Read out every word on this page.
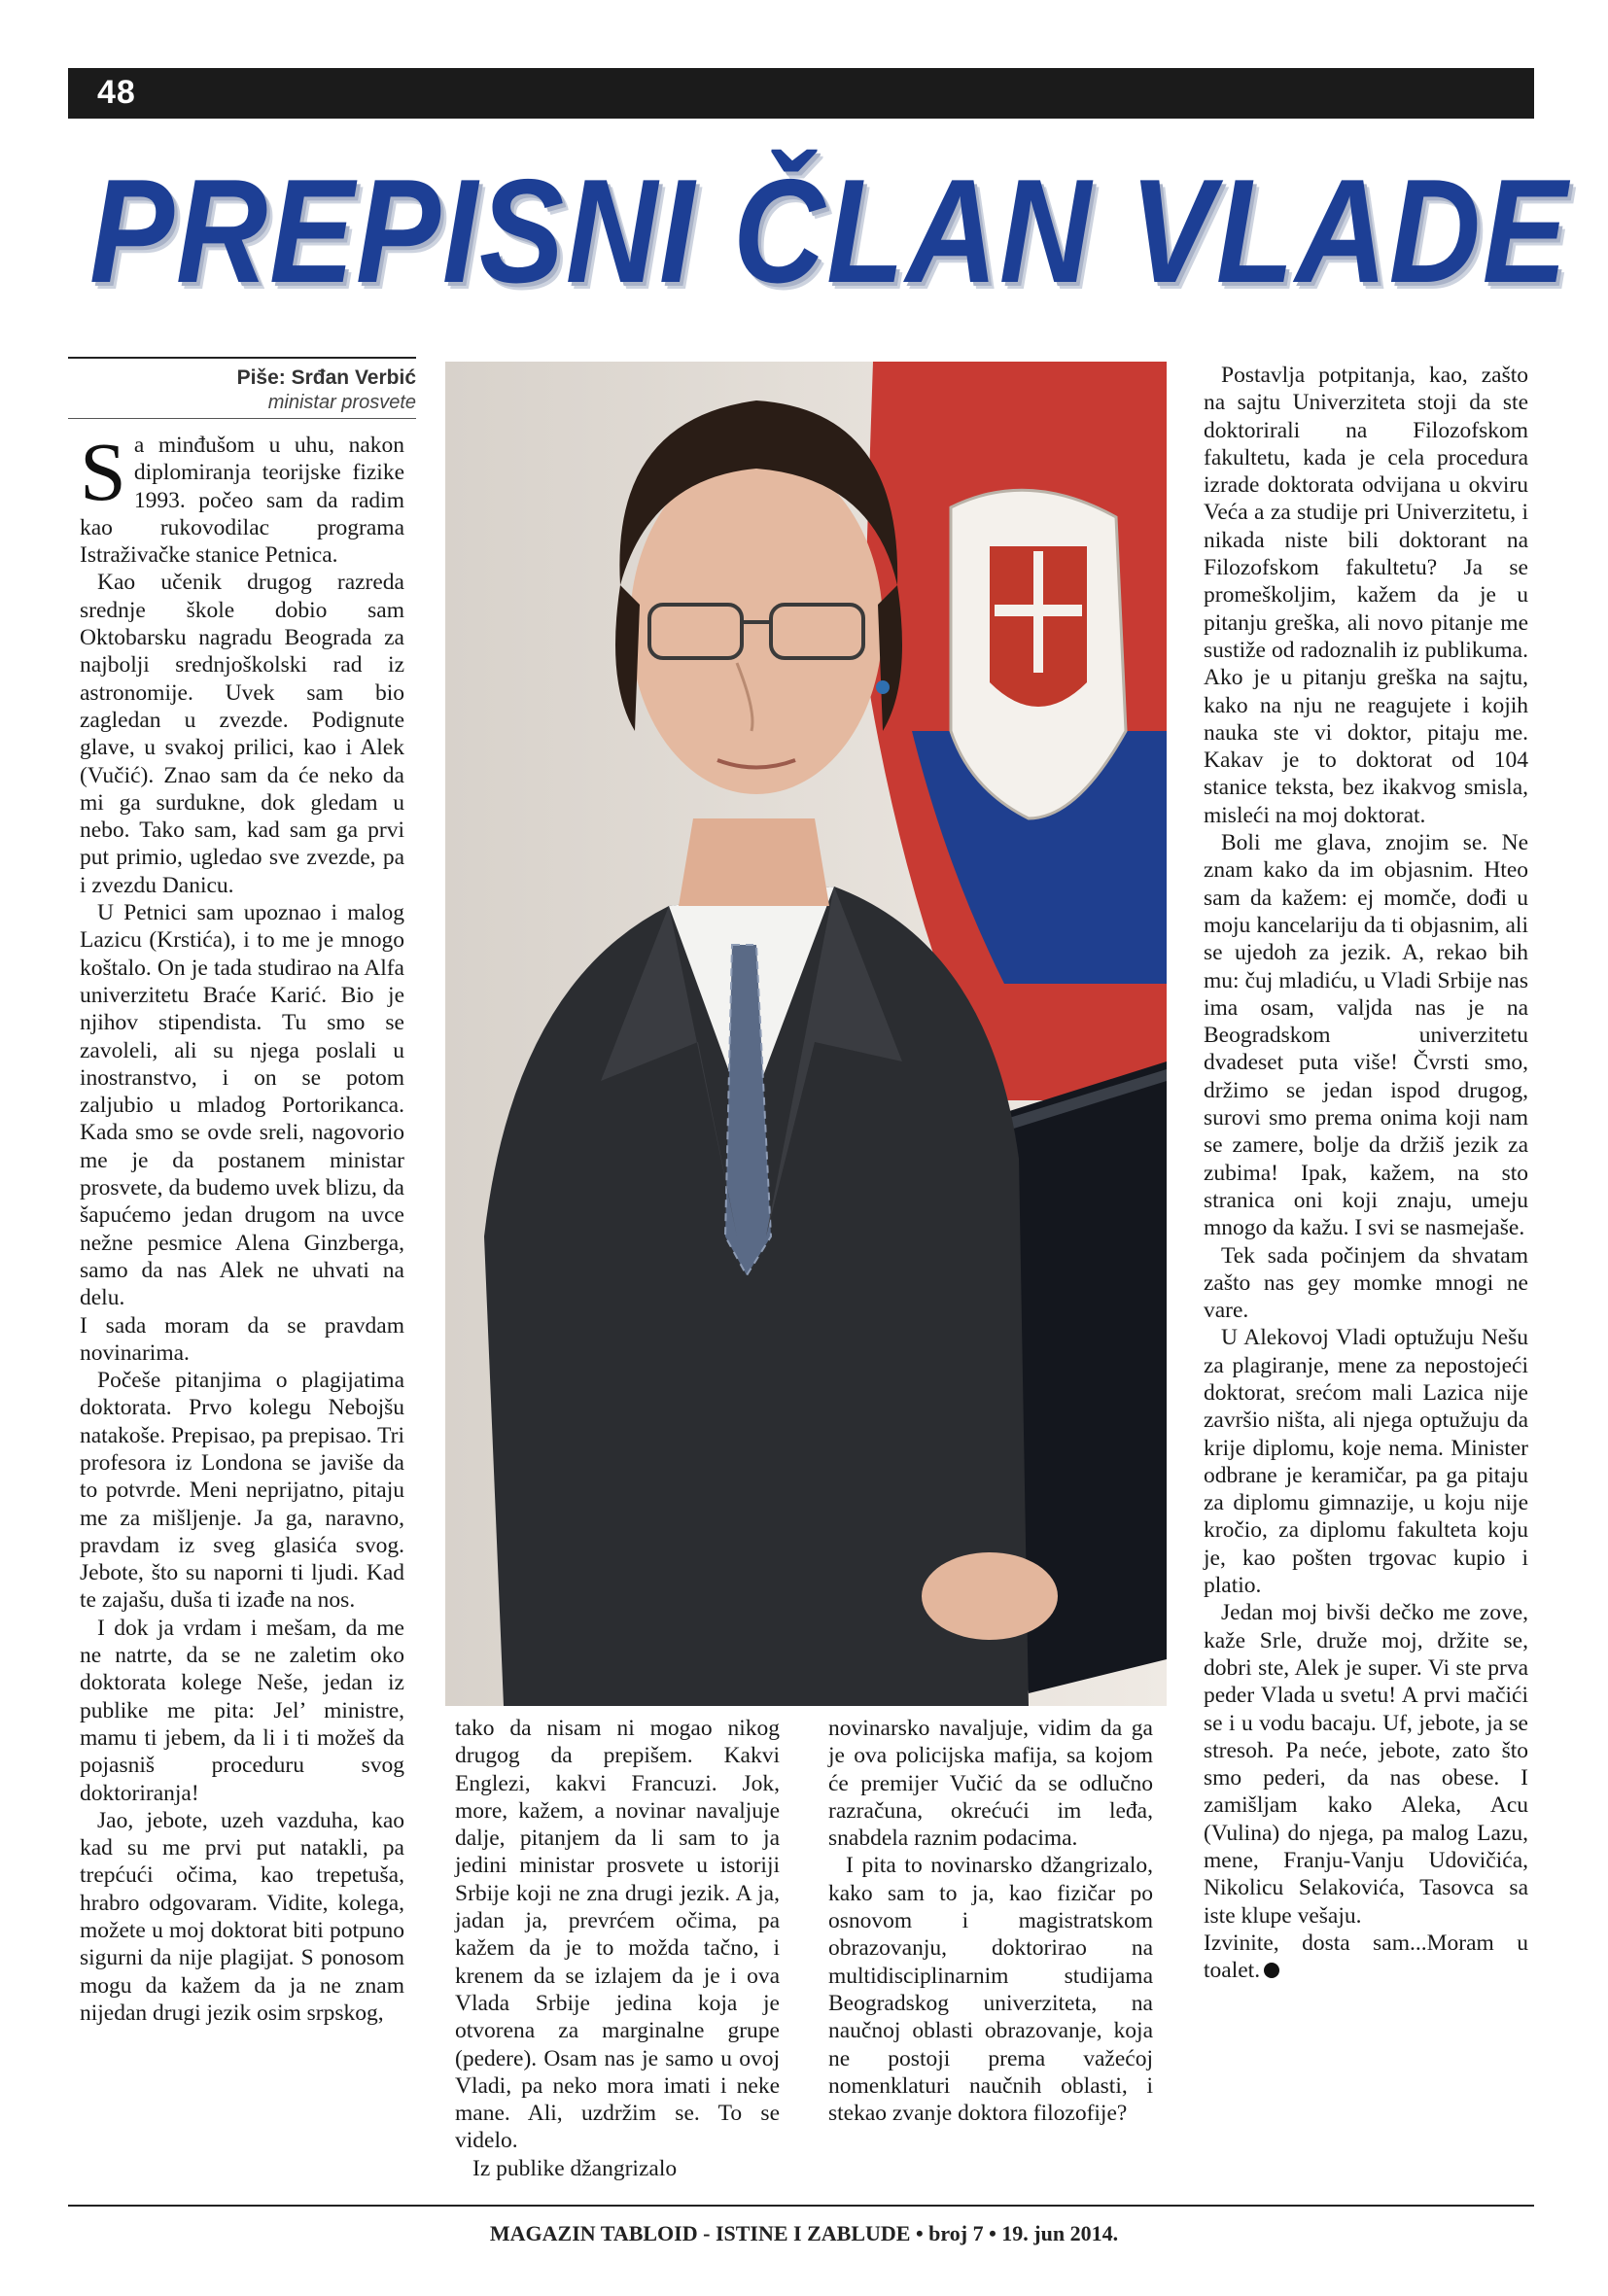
48
PREPISNI ČLAN VLADE
Piše: Srđan Verbić
ministar prosvete

Sa minđušom u uhu, nakon diplomiranja teorijske fizike 1993. počeo sam da radim kao rukovodilac programa Istraživačke stanice Petnica.

Kao učenik drugog razreda srednje škole dobio sam Oktobarsku nagradu Beograda za najbolji srednjoškolski rad iz astronomije. Uvek sam bio zagledan u zvezde. Podignute glave, u svakoj prilici, kao i Alek (Vučić). Znao sam da će neko da mi ga surdukne, dok gledam u nebo. Tako sam, kad sam ga prvi put primio, ugledao sve zvezde, pa i zvezdu Danicu.

U Petnici sam upoznao i malog Lazicu (Krstića), i to me je mnogo koštalo. On je tada studirao na Alfa univerzitetu Braće Karić. Bio je njihov stipendista. Tu smo se zavoleli, ali su njega poslali u inostranstvo, i on se potom zaljubio u mladog Portorikanca. Kada smo se ovde sreli, nagovorio me je da postanem ministar prosvete, da budemo uvek blizu, da šapućemo jedan drugom na uvce nežne pesmice Alena Ginzberga, samo da nas Alek ne uhvati na delu.

I sada moram da se pravdam novinarima.

Počeše pitanjima o plagijatima doktorata. Prvo kolegu Nebojšu natakoše. Prepisao, pa prepisao. Tri profesora iz Londona se javiše da to potvrde. Meni neprijatno, pitaju me za mišljenje. Ja ga, naravno, pravdam iz sveg glasića svog. Jebote, što su naporni ti ljudi. Kad te zajašu, duša ti izađe na nos.

I dok ja vrdam i mešam, da me ne natrte, da se ne zaletim oko doktorata kolege Neše, jedan iz publike me pita: Jel’ ministre, mamu ti jebem, da li i ti možeš da pojasniš proceduru svog doktoriranja!

Jao, jebote, uzeh vazduha, kao kad su me prvi put natakli, pa trepćući očima, kao trepetuša, hrabro odgovaram. Vidite, kolega, možete u moj doktorat biti potpuno sigurni da nije plagijat. S ponosom mogu da kažem da ja ne znam nijedan drugi jezik osim srpskog,

tako da nisam ni mogao nikog drugog da prepišem. Kakvi Englezi, kakvi Francuzi. Jok, more, kažem, a novinar navaljuje dalje, pitanjem da li sam to ja jedini ministar prosvete u istoriji Srbije koji ne zna drugi jezik. A ja, jadan ja, prevrćem očima, pa kažem da je to možda tačno, i krenem da se izlajem da je i ova Vlada Srbije jedina koja je otvorena za marginalne grupe (pedere). Osam nas je samo u ovoj Vladi, pa neko mora imati i neke mane. Ali, uzdržim se. To se videlo.

Iz publike džangrizalo

novinarsko navaljuje, vidim da ga je ova policijska mafija, sa kojom će premijer Vučić da se odlučno razračuna, okrećući im leđa, snabdela raznim podacima.

I pita to novinarsko džangrizalo, kako sam to ja, kao fizičar po osnovom i magistratskom obrazovanju, doktorirao na multidisciplinarnim studijama Beogradskog univerziteta, na naučnoj oblasti obrazovanje, koja ne postoji prema važećoj nomenklaturi naučnih oblasti, i stekao zvanje doktora filozofije?

Postavlja potpitanja, kao, zašto na sajtu Univerziteta stoji da ste doktorirali na Filozofskom fakultetu, kada je cela procedura izrade doktorata odvijana u okviru Veća a za studije pri Univerzitetu, i nikada niste bili doktorant na Filozofskom fakultetu? Ja se promeškoljim, kažem da je u pitanju greška, ali novo pitanje me sustiže od radoznalih iz publikuma. Ako je u pitanju greška na sajtu, kako na nju ne reagujete i kojih nauka ste vi doktor, pitaju me. Kakav je to doktorat od 104 stanice teksta, bez ikakvog smisla, misleći na moj doktorat.

Boli me glava, znojim se. Ne znam kako da im objasnim. Hteo sam da kažem: ej momče, dođi u moju kancelariju da ti objasnim, ali se ujedoh za jezik. A, rekao bih mu: čuj mladiću, u Vladi Srbije nas ima osam, valjda nas je na Beogradskom univerzitetu dvadeset puta više! Čvrsti smo, držimo se jedan ispod drugog, surovi smo prema onima koji nam se zamere, bolje da držiš jezik za zubima! Ipak, kažem, na sto stranica oni koji znaju, umeju mnogo da kažu. I svi se nasmejaše.

Tek sada počinjem da shvatam zašto nas gey momke mnogi ne vare.

U Alekovoj Vladi optužuju Nešu za plagiranje, mene za nepostojeći doktorat, srećom mali Lazica nije završio ništa, ali njega optužuju da krije diplomu, koje nema. Minister odbrane je keramičar, pa ga pitaju za diplomu gimnazije, u koju nije kročio, za diplomu fakulteta koju je, kao pošten trgovac kupio i platio.

Jedan moj bivši dečko me zove, kaže Srle, druže moj, držite se, dobri ste, Alek je super. Vi ste prva peder Vlada u svetu! A prvi mačići se i u vodu bacaju. Uf, jebote, ja se stresoh. Pa neće, jebote, zato što smo pederi, da nas obese. I zamišljam kako Aleka, Acu (Vulina) do njega, pa malog Lazu, mene, Franju-Vanju Udovičića, Nikolicu Selakovića, Tasovca sa iste klupe vešaju.

Izvinite, dosta sam...Moram u toalet.

MAGAZIN TABLOID - ISTINE I ZABLUDE • broj 7 • 19. jun 2014.
